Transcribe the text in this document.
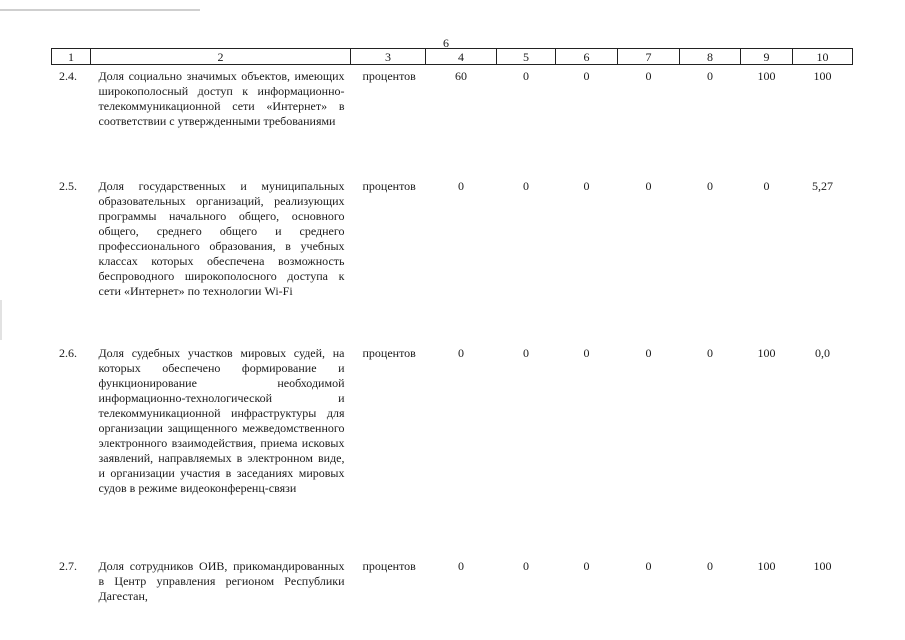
6
1	2	3	4	5	6	7	8	9	10
2.4.	Доля социально значимых объектов, имеющих широкополосный доступ к информационно-телекоммуникационной сети «Интернет» в соответствии с утвержденными требованиями	процентов	60	0	0	0	0	100	100
2.5.	Доля государственных и муниципальных образовательных организаций, реализующих программы начального общего, основного общего, среднего общего и среднего профессионального образования, в учебных классах которых обеспечена возможность беспроводного широкополосного доступа к сети «Интернет» по технологии Wi-Fi	процентов	0	0	0	0	0	0	5,27
2.6.	Доля судебных участков мировых судей, на которых обеспечено формирование и функционирование необходимой информационно-технологической и телекоммуникационной инфраструктуры для организации защищенного межведомственного электронного взаимодействия, приема исковых заявлений, направляемых в электронном виде, и организации участия в заседаниях мировых судов в режиме видеоконференц-связи	процентов	0	0	0	0	0	100	0,0
2.7.	Доля сотрудников ОИВ, прикомандированных в Центр управления регионом Республики Дагестан,	процентов	0	0	0	0	0	100	100
